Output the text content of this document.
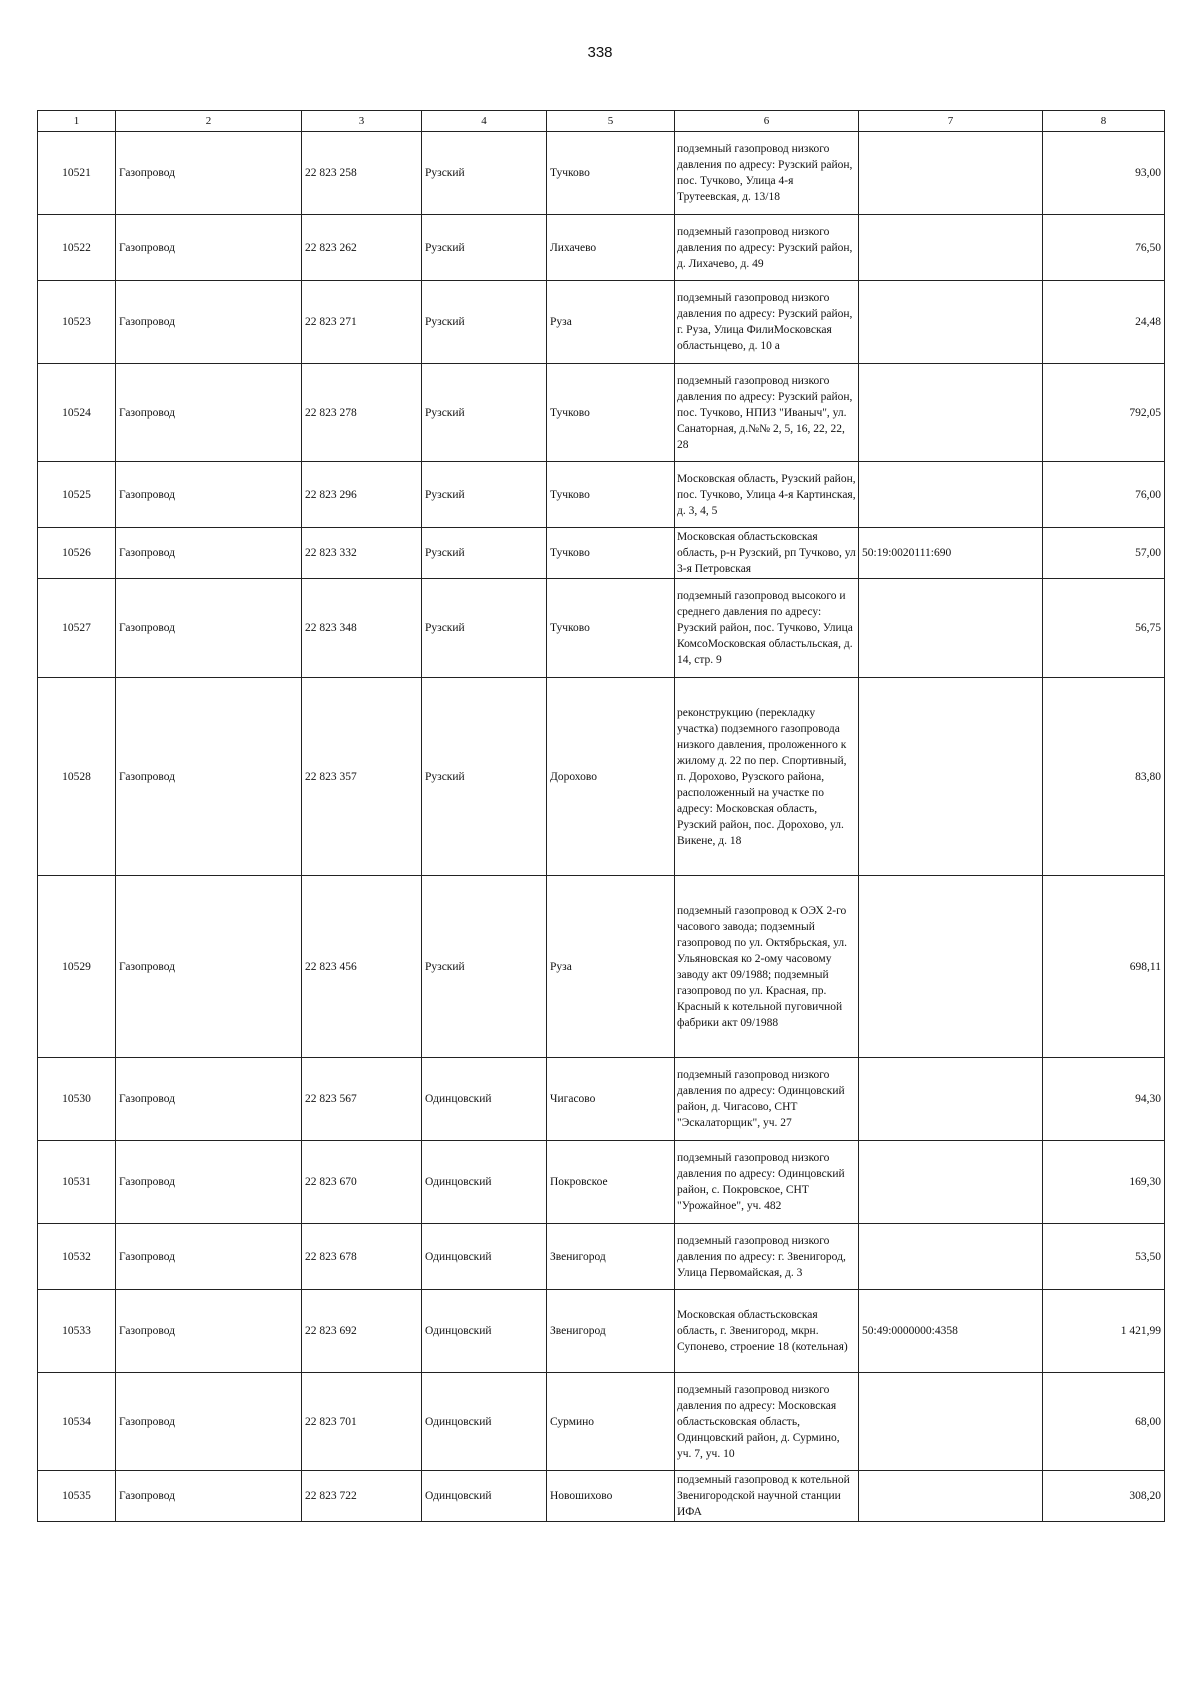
338
1	2	3	4	5	6	7	8
10521	Газопровод	22 823 258	Рузский	Тучково	подземный газопровод низкого давления по адресу: Рузский район, пос. Тучково, Улица 4-я Трутеевская, д. 13/18		93,00
10522	Газопровод	22 823 262	Рузский	Лихачево	подземный газопровод низкого давления по адресу: Рузский район, д. Лихачево, д. 49		76,50
10523	Газопровод	22 823 271	Рузский	Руза	подземный газопровод низкого давления по адресу: Рузский район, г. Руза, Улица ФилиМосковская областьнцево, д. 10 а		24,48
10524	Газопровод	22 823 278	Рузский	Тучково	подземный газопровод низкого давления по адресу: Рузский район, пос. Тучково, НПИЗ "Иваныч", ул. Санаторная, д.№№ 2, 5, 16, 22, 22, 28		792,05
10525	Газопровод	22 823 296	Рузский	Тучково	Московская область, Рузский район, пос. Тучково, Улица 4-я Картинская, д. 3, 4, 5		76,00
10526	Газопровод	22 823 332	Рузский	Тучково	Московская областьсковская область, р-н Рузский, рп Тучково, ул 3-я Петровская	50:19:0020111:690	57,00
10527	Газопровод	22 823 348	Рузский	Тучково	подземный газопровод высокого и среднего давления по адресу: Рузский район, пос. Тучково, Улица КомсоМосковская областьльская, д. 14, стр. 9		56,75
10528	Газопровод	22 823 357	Рузский	Дорохово	реконструкцию (перекладку участка) подземного газопровода низкого давления, проложенного к жилому д. 22 по пер. Спортивный, п. Дорохово, Рузского района, расположенный на участке по адресу: Московская область, Рузский район, пос. Дорохово, ул. Викене, д. 18		83,80
10529	Газопровод	22 823 456	Рузский	Руза	подземный газопровод к ОЭХ 2-го часового завода; подземный газопровод по ул. Октябрьская, ул. Ульяновская ко 2-ому часовому заводу акт 09/1988; подземный газопровод по ул. Красная, пр. Красный к котельной пуговичной фабрики акт 09/1988		698,11
10530	Газопровод	22 823 567	Одинцовский	Чигасово	подземный газопровод низкого давления по адресу: Одинцовский район, д. Чигасово, СНТ "Эскалаторщик", уч. 27		94,30
10531	Газопровод	22 823 670	Одинцовский	Покровское	подземный газопровод низкого давления по адресу: Одинцовский район, с. Покровское, СНТ "Урожайное", уч. 482		169,30
10532	Газопровод	22 823 678	Одинцовский	Звенигород	подземный газопровод низкого давления по адресу: г. Звенигород, Улица Первомайская, д. 3		53,50
10533	Газопровод	22 823 692	Одинцовский	Звенигород	Московская областьсковская область, г. Звенигород, мкрн. Супонево, строение 18 (котельная)	50:49:0000000:4358	1 421,99
10534	Газопровод	22 823 701	Одинцовский	Сурмино	подземный газопровод низкого давления по адресу: Московская областьсковская область, Одинцовский район, д. Сурмино, уч. 7, уч. 10		68,00
10535	Газопровод	22 823 722	Одинцовский	Новошихово	подземный газопровод к котельной Звенигородской научной станции ИФА		308,20
